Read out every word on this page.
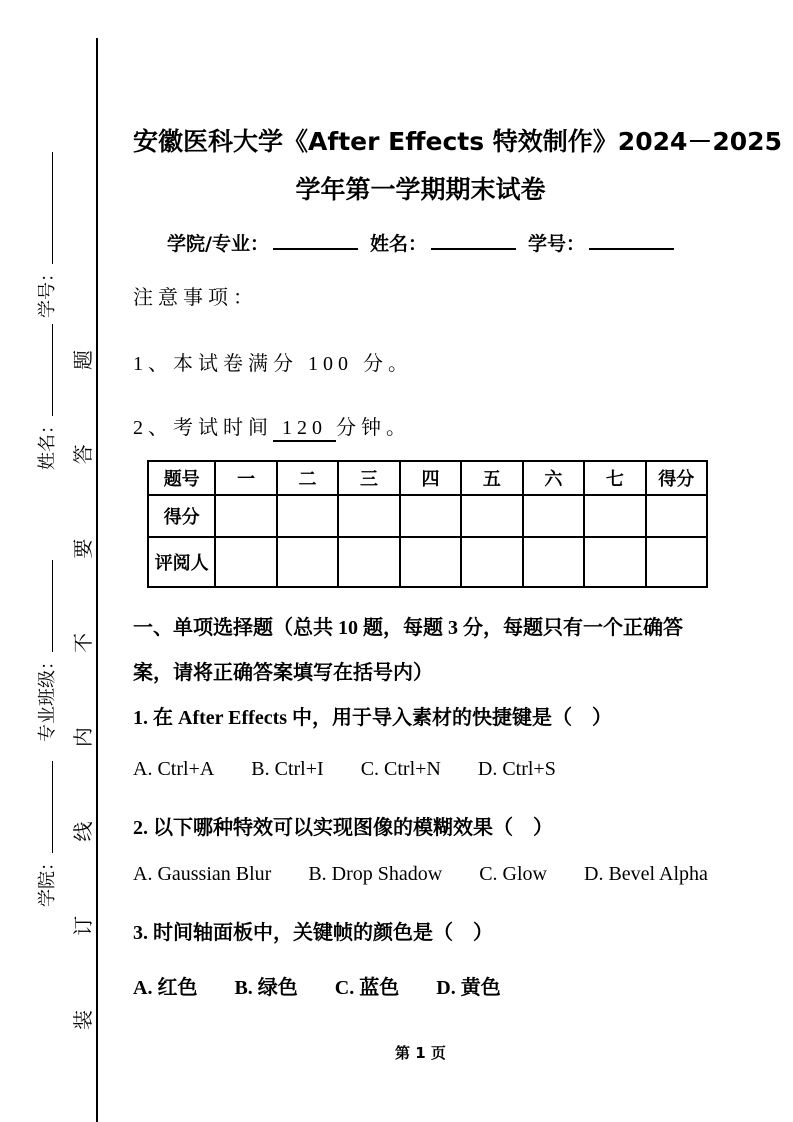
学院：
专业班级：
姓名：
学号：
装
订
线
内
不
要
答
题
安徽医科大学《After Effects 特效制作》2024－2025
学年第一学期期末试卷
学院/专业：	姓名：	学号：
注意事项：
1、本试卷满分 100 分。
2、考试时间 120 分钟。
题号	一	二	三	四	五	六	七	得分
得分								
评阅人								
一、单项选择题（总共 10 题，每题 3 分，每题只有一个正确答案，请将正确答案填写在括号内）
1. 在 After Effects 中，用于导入素材的快捷键是（　）
A. Ctrl+A B. Ctrl+I C. Ctrl+N D. Ctrl+S
2. 以下哪种特效可以实现图像的模糊效果（　）
A. Gaussian Blur B. Drop Shadow C. Glow D. Bevel Alpha
3. 时间轴面板中，关键帧的颜色是（　）
A. 红色 B. 绿色 C. 蓝色 D. 黄色
第 1 页
